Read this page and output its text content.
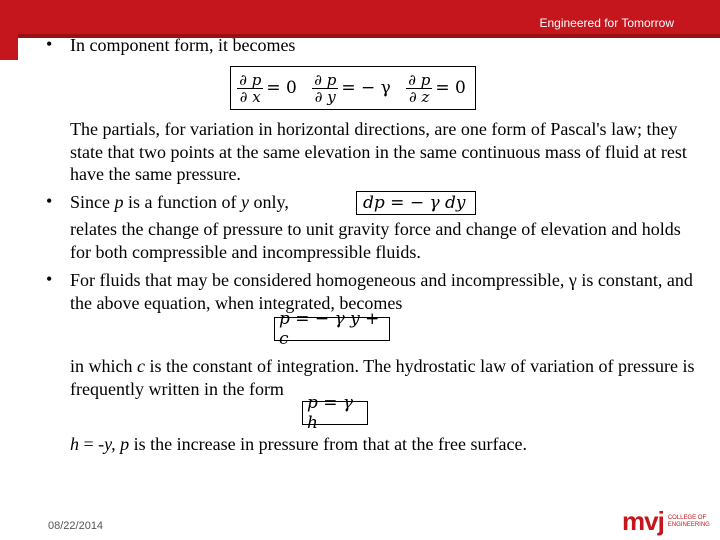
Engineered for Tomorrow
• In component form, it becomes
$\frac{\partial p}{\partial x} = 0 \frac{\partial p}{\partial y}$ = − γ $\frac{\partial p}{\partial z} = 0$
The partials, for variation in horizontal directions, are one form of Pascal's law; they state that two points at the same elevation in the same continuous mass of fluid at rest have the same pressure.
• Since p is a function of y only,	dp = − γ dy
relates the change of pressure to unit gravity force and change of elevation and holds for both compressible and incompressible fluids.
• For fluids that may be considered homogeneous and incompressible, γ is constant, and the above equation, when integrated, becomes
p = − γ y + c
in which c is the constant of integration. The hydrostatic law of variation of pressure is frequently written in the form
p = γ h
h = -y, p is the increase in pressure from that at the free surface.
08/22/2014	mvj COLLEGE OF
ENGINEERING
